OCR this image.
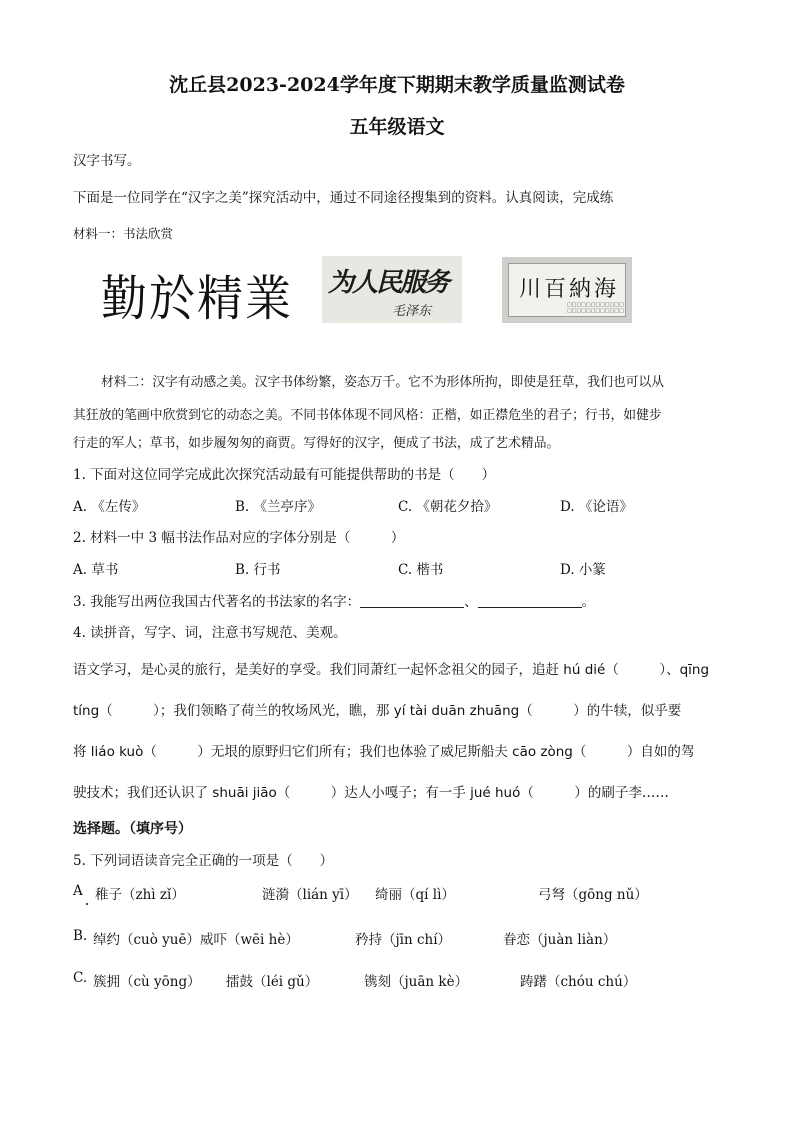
沈丘县2023-2024学年度下期期末教学质量监测试卷
五年级语文
汉字书写。
下面是一位同学在“汉字之美”探究活动中，通过不同途径搜集到的资料。认真阅读，完成练
材料一：书法欣赏
勤於精業 为人民服务
毛泽东
川百納海
□□□□□□□□□□□□
□□□□□□□□□□□□
材料二：汉字有动感之美。汉字书体纷繁，姿态万千。它不为形体所拘，即使是狂草，我们也可以从
其狂放的笔画中欣赏到它的动态之美。不同书体体现不同风格：正楷，如正襟危坐的君子；行书，如健步
行走的军人；草书，如步履匆匆的商贾。写得好的汉字，便成了书法，成了艺术精品。
1. 下面对这位同学完成此次探究活动最有可能提供帮助的书是（　　）
A. 《左传》	B. 《兰亭序》	C. 《朝花夕拾》	D. 《论语》
2. 材料一中 3 幅书法作品对应的字体分别是（　　　）
A. 草书	B. 行书	C. 楷书	D. 小篆
3. 我能写出两位我国古代著名的书法家的名字：	、	。
4. 读拼音，写字、词，注意书写规范、美观。
语文学习，是心灵的旅行，是美好的享受。我们同萧红一起怀念祖父的园子，追赶 hú dié（　　　）、qīng
tíng（　　　）；我们领略了荷兰的牧场风光，瞧，那 yí tài duān zhuāng（　　　）的牛犊，似乎要
将 liáo kuò（　　　）无垠的原野归它们所有；我们也体验了威尼斯船夫 cāo zòng（　　　）自如的驾
驶技术；我们还认识了 shuāi jiāo（　　　）达人小嘎子；有一手 jué huó（　　　）的刷子李……
选择题。（填序号）
5. 下列词语读音完全正确的一项是（　　）
A 稚子（zhì zǐ）	涟漪（lián yī） 绮丽（qí lì）	弓弩（gōng nǔ）
B. 绰约（cuò yuē）威吓（wēi hè）	矜持（jīn chí）	眷恋（juàn liàn）
C. 簇拥（cù yōng） 擂鼓（léi gǔ）	镌刻（juān kè）	踌躇（chóu chú）
